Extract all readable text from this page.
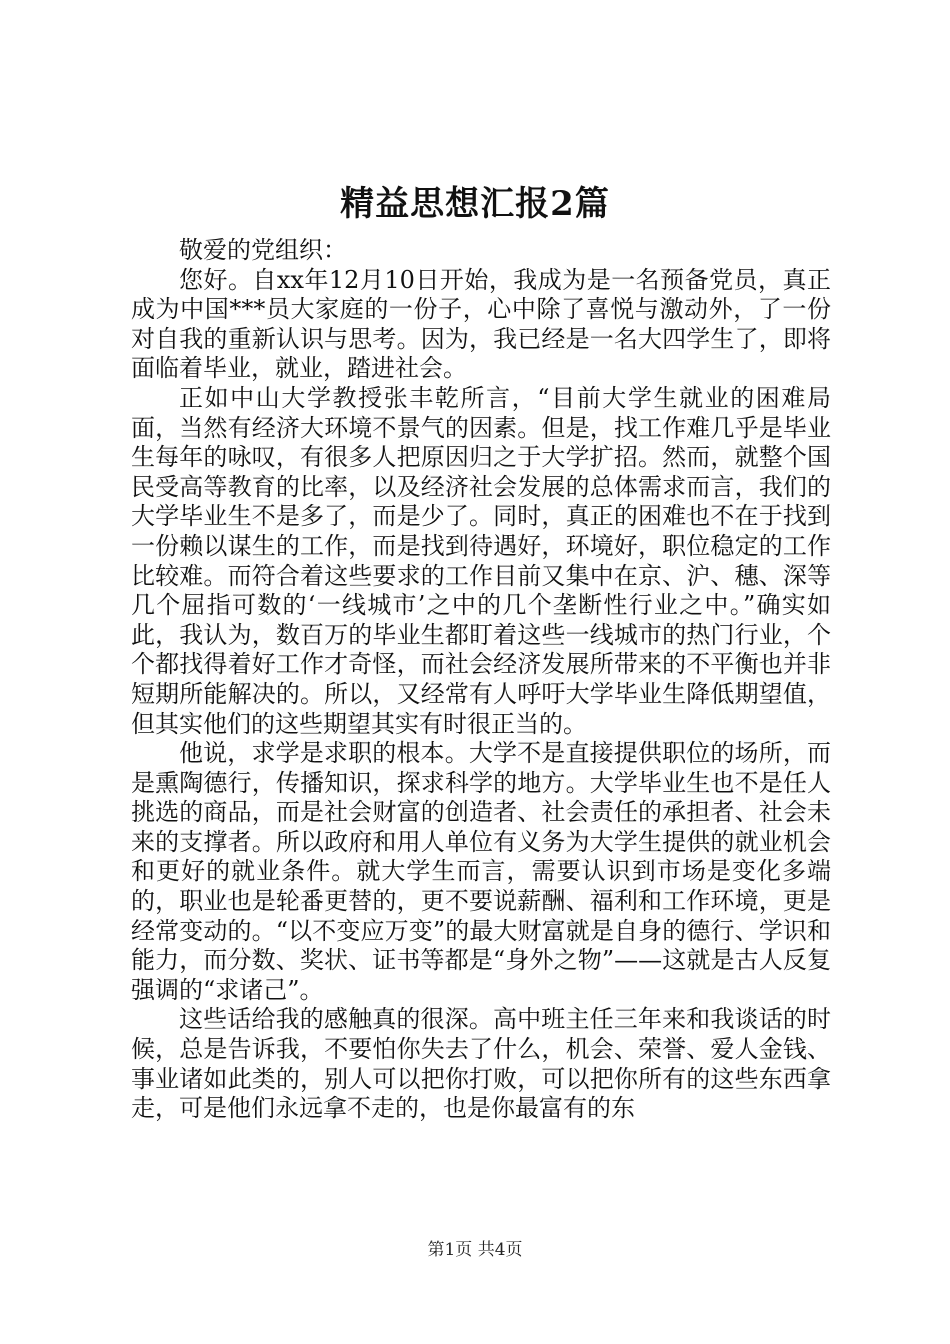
精益思想汇报2篇

敬爱的党组织：

您好。自xx年12月10日开始，我成为是一名预备党员，真正成为中国***员大家庭的一份子，心中除了喜悦与激动外，了一份对自我的重新认识与思考。因为，我已经是一名大四学生了，即将面临着毕业，就业，踏进社会。

正如中山大学教授张丰乾所言，“目前大学生就业的困难局面，当然有经济大环境不景气的因素。但是，找工作难几乎是毕业生每年的咏叹，有很多人把原因归之于大学扩招。然而，就整个国民受高等教育的比率，以及经济社会发展的总体需求而言，我们的大学毕业生不是多了，而是少了。同时，真正的困难也不在于找到一份赖以谋生的工作，而是找到待遇好，环境好，职位稳定的工作比较难。而符合着这些要求的工作目前又集中在京、沪、穗、深等几个屈指可数的‘一线城市’之中的几个垄断性行业之中。”确实如此，我认为，数百万的毕业生都盯着这些一线城市的热门行业，个个都找得着好工作才奇怪，而社会经济发展所带来的不平衡也并非短期所能解决的。所以，又经常有人呼吁大学毕业生降低期望值，但其实他们的这些期望其实有时很正当的。

他说，求学是求职的根本。大学不是直接提供职位的场所，而是熏陶德行，传播知识，探求科学的地方。大学毕业生也不是任人挑选的商品，而是社会财富的创造者、社会责任的承担者、社会未来的支撑者。所以政府和用人单位有义务为大学生提供的就业机会和更好的就业条件。就大学生而言，需要认识到市场是变化多端的，职业也是轮番更替的，更不要说薪酬、福利和工作环境，更是经常变动的。“以不变应万变”的最大财富就是自身的德行、学识和能力，而分数、奖状、证书等都是“身外之物”——这就是古人反复强调的“求诸己”。

这些话给我的感触真的很深。高中班主任三年来和我谈话的时候，总是告诉我，不要怕你失去了什么，机会、荣誉、爱人金钱、事业诸如此类的，别人可以把你打败，可以把你所有的这些东西拿走，可是他们永远拿不走的，也是你最富有的东

第1页 共4页
